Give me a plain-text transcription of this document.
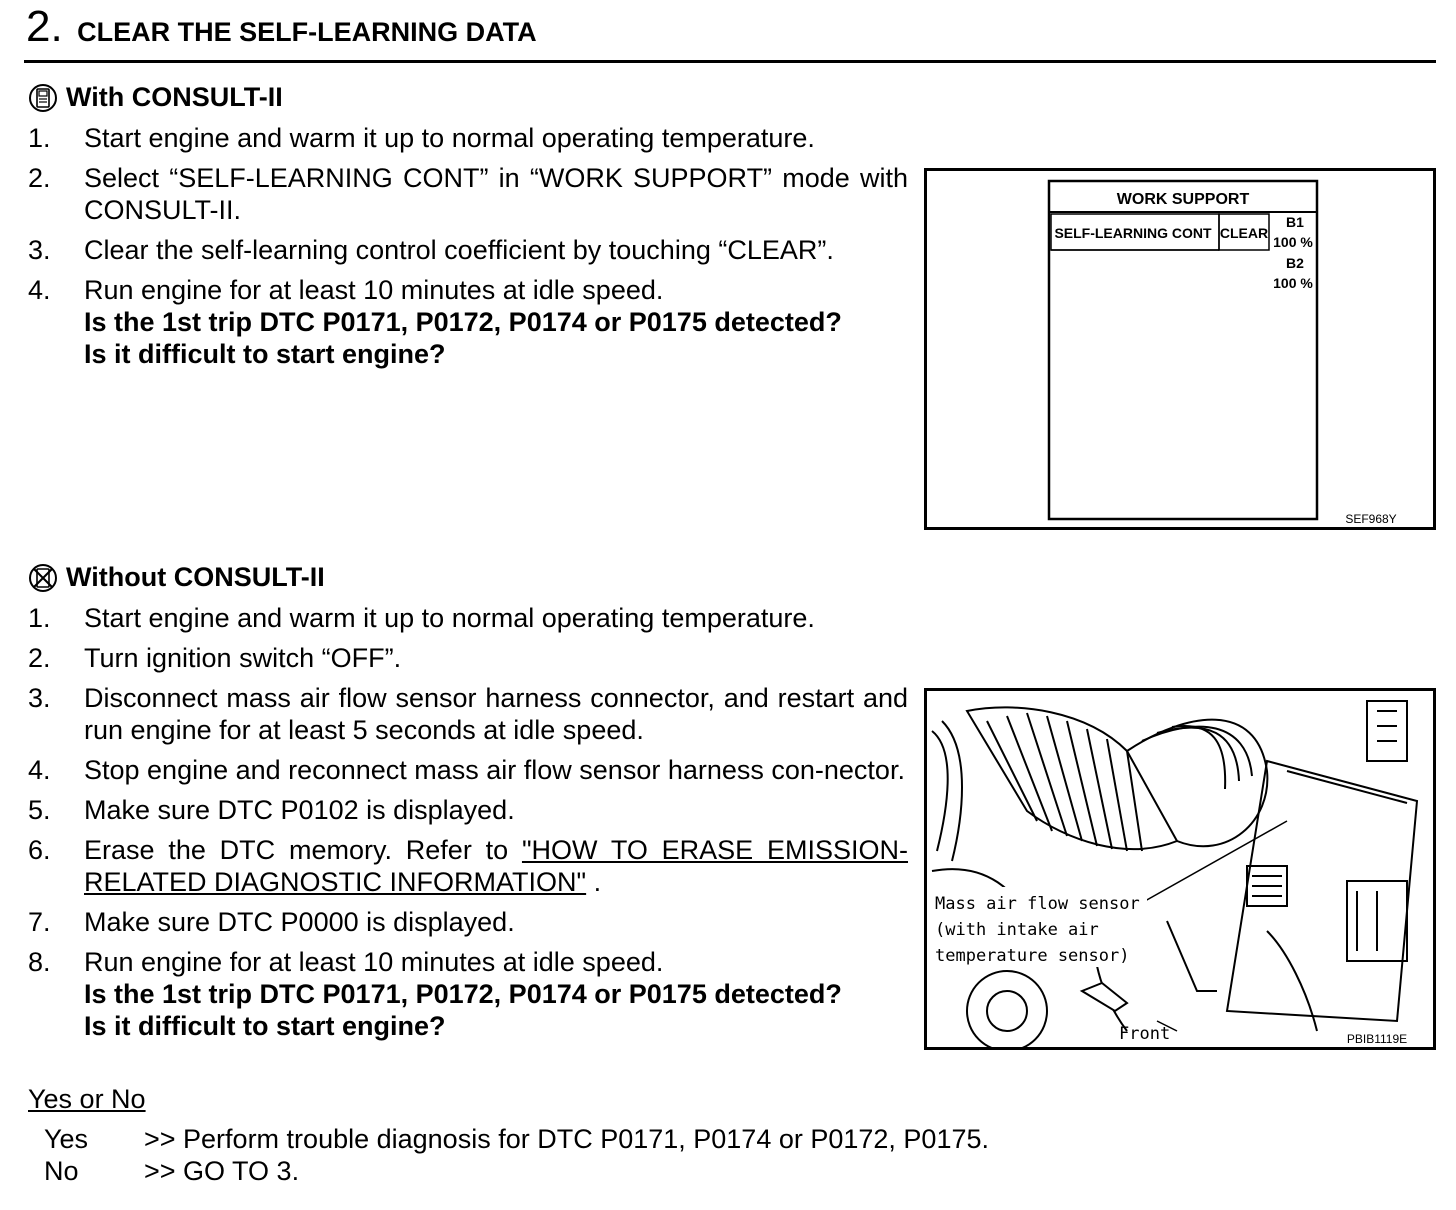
2. CLEAR THE SELF-LEARNING DATA
With CONSULT-II
1.	Start engine and warm it up to normal operating temperature.
2.	Select “SELF-LEARNING CONT” in “WORK SUPPORT” mode with CONSULT-II.
3.	Clear the self-learning control coefficient by touching “CLEAR”.
4.	Run engine for at least 10 minutes at idle speed.
Is the 1st trip DTC P0171, P0172, P0174 or P0175 detected?
Is it difficult to start engine?
WORK SUPPORT
SELF-LEARNING CONT CLEAR
B1
100 %
B2
100 %
SEF968Y
Without CONSULT-II
1.	Start engine and warm it up to normal operating temperature.
2.	Turn ignition switch “OFF”.
3.	Disconnect mass air flow sensor harness connector, and restart and run engine for at least 5 seconds at idle speed.
4.	Stop engine and reconnect mass air flow sensor harness con-nector.
5.	Make sure DTC P0102 is displayed.
6.	Erase the DTC memory. Refer to "HOW TO ERASE EMISSION-RELATED DIAGNOSTIC INFORMATION" .
7.	Make sure DTC P0000 is displayed.
8.	Run engine for at least 10 minutes at idle speed.
Is the 1st trip DTC P0171, P0172, P0174 or P0175 detected?
Is it difficult to start engine?
Mass air flow sensor
(with intake air
temperature sensor)
Front	PBIB1119E
Yes or No
Yes	>> Perform trouble diagnosis for DTC P0171, P0174 or P0172, P0175.
No	>> GO TO 3.
